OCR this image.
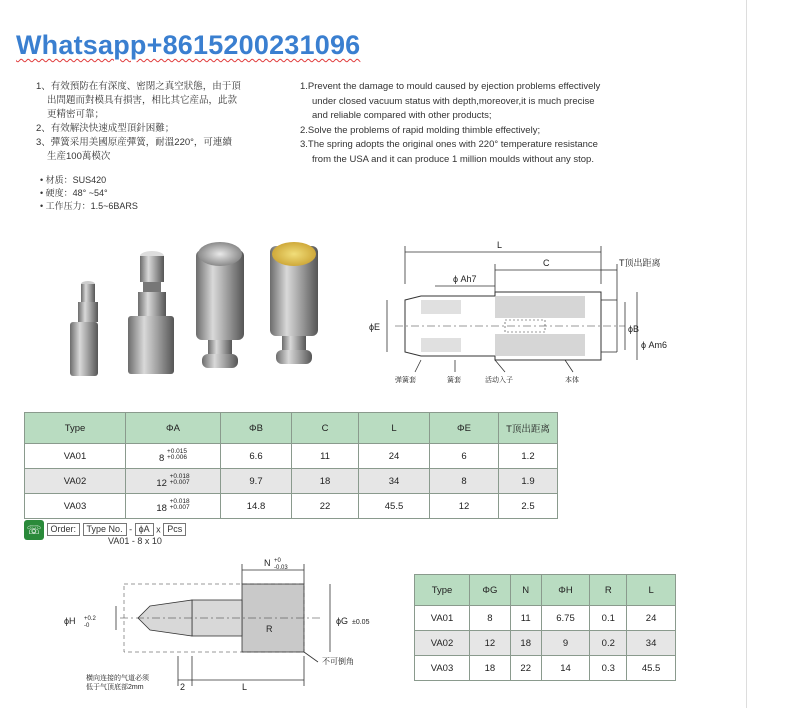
Whatsapp+8615200231096
1、有效預防在有深度、密閉之真空狀態，由于頂
出問題而對模具有損害，相比其它産品，此款
更精密可靠；
2、有效解決快速成型頂針困難；
3、彈簧采用美國原産彈簧，耐溫220°，可連續
生産100萬模次
1.Prevent the damage to mould caused by ejection problems effectively
under closed vacuum status with depth,moreover,it is much precise
and reliable compared with other products;
2.Solve the problems of rapid molding thimble effectively;
3.The spring adopts the original ones with 220° temperature resistance
from the USA and it can produce 1 million moulds without any stop.
• 材质：SUS420
• 硬度：48° ~54°
• 工作压力：1.5~6BARS
L
C	T顶出距离
ϕ Ah7
ϕE	ϕB
ϕ Am6
弹簧套	簧套	活动入子	本体
Type	ΦA	ΦB	C	L	ΦE	T顶出距离
VA01	8 $^{+0.015 +0.006}$	6.6	11	24	6	1.2
VA02	12 $^{+0.018 +0.007}$	9.7	18	34	8	1.9
VA03	18 $^{+0.018 +0.007}$	14.8	22	45.5	12	2.5
☏ Order: Type No. - ϕA x Pcs
VA01 - 8 x 10
N +0
-0.03
ϕH +0.2
-0	R
ϕG ±0.05
不可倒角
横向连接的气道必须
低于气顶底部2mm	2	L
Type	ΦG	N	ΦH	R	L
VA01	8	11	6.75	0.1	24
VA02	12	18	9	0.2	34
VA03	18	22	14	0.3	45.5
